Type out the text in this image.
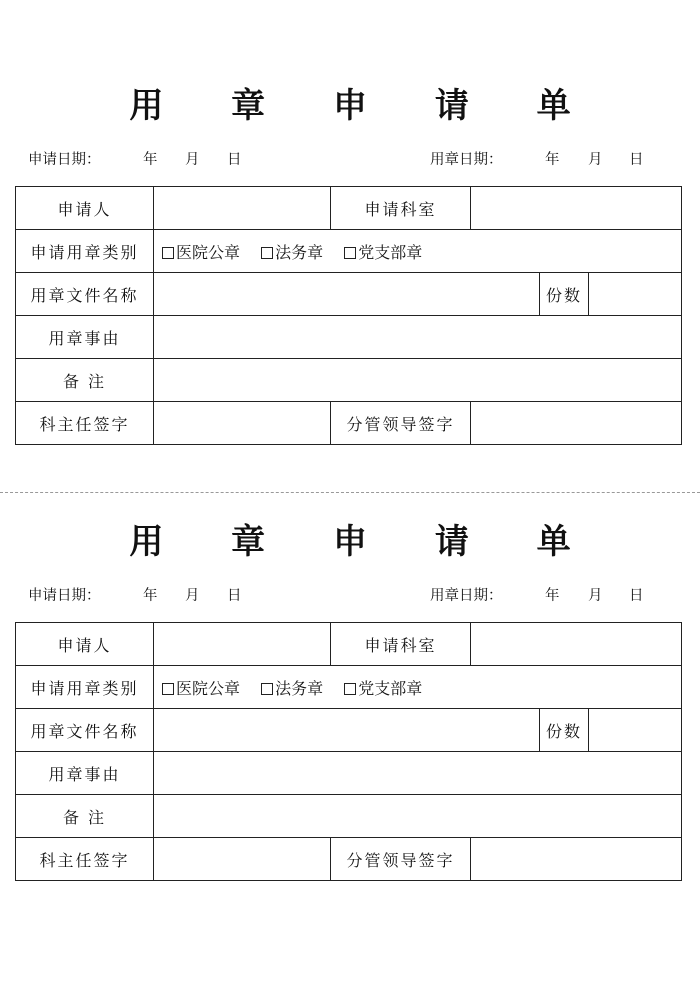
用 章 申 请 单
申请日期：	年 月 日	用章日期：	年 月 日
申请人		申请科室			
申请用章类别	医院公章 法务章 党支部章				
用章文件名称				份数	
用章事由					
备 注					
科主任签字		分管领导签字			
用 章 申 请 单
申请日期：	年 月 日	用章日期：	年 月 日
申请人		申请科室			
申请用章类别	医院公章 法务章 党支部章				
用章文件名称				份数	
用章事由					
备 注					
科主任签字		分管领导签字			
